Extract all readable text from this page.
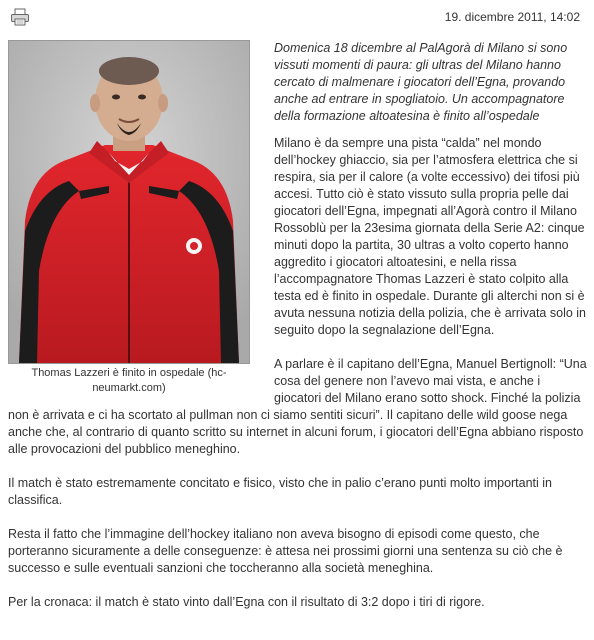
19. dicembre 2011, 14:02
Thomas Lazzeri è finito in ospedale (hc-neumarkt.com)

Domenica 18 dicembre al PalAgorà di Milano si sono vissuti momenti di paura: gli ultras del Milano hanno cercato di malmenare i giocatori dell’Egna, provando anche ad entrare in spogliatoio. Un accompagnatore della formazione altoatesina è finito all’ospedale

Milano è da sempre una pista “calda” nel mondo dell’hockey ghiaccio, sia per l’atmosfera elettrica che si respira, sia per il calore (a volte eccessivo) dei tifosi più accesi. Tutto ciò è stato vissuto sulla propria pelle dai giocatori dell’Egna, impegnati all’Agorà contro il Milano Rossoblù per la 23esima giornata della Serie A2: cinque minuti dopo la partita, 30 ultras a volto coperto hanno aggredito i giocatori altoatesini, e nella rissa l’accompagnatore Thomas Lazzeri è stato colpito alla testa ed è finito in ospedale. Durante gli alterchi non si è avuta nessuna notizia della polizia, che è arrivata solo in seguito dopo la segnalazione dell’Egna.

A parlare è il capitano dell’Egna, Manuel Bertignoll: “Una cosa del genere non l’avevo mai vista, e anche i giocatori del Milano erano sotto shock. Finché la polizia non è arrivata e ci ha scortato al pullman non ci siamo sentiti sicuri”. Il capitano delle wild goose nega anche che, al contrario di quanto scritto su internet in alcuni forum, i giocatori dell’Egna abbiano risposto alle provocazioni del pubblico meneghino.

Il match è stato estremamente concitato e fisico, visto che in palio c’erano punti molto importanti in classifica.

Resta il fatto che l’immagine dell’hockey italiano non aveva bisogno di episodi come questo, che porteranno sicuramente a delle conseguenze: è attesa nei prossimi giorni una sentenza su ciò che è successo e sulle eventuali sanzioni che toccheranno alla società meneghina.

Per la cronaca: il match è stato vinto dall’Egna con il risultato di 3:2 dopo i tiri di rigore.
